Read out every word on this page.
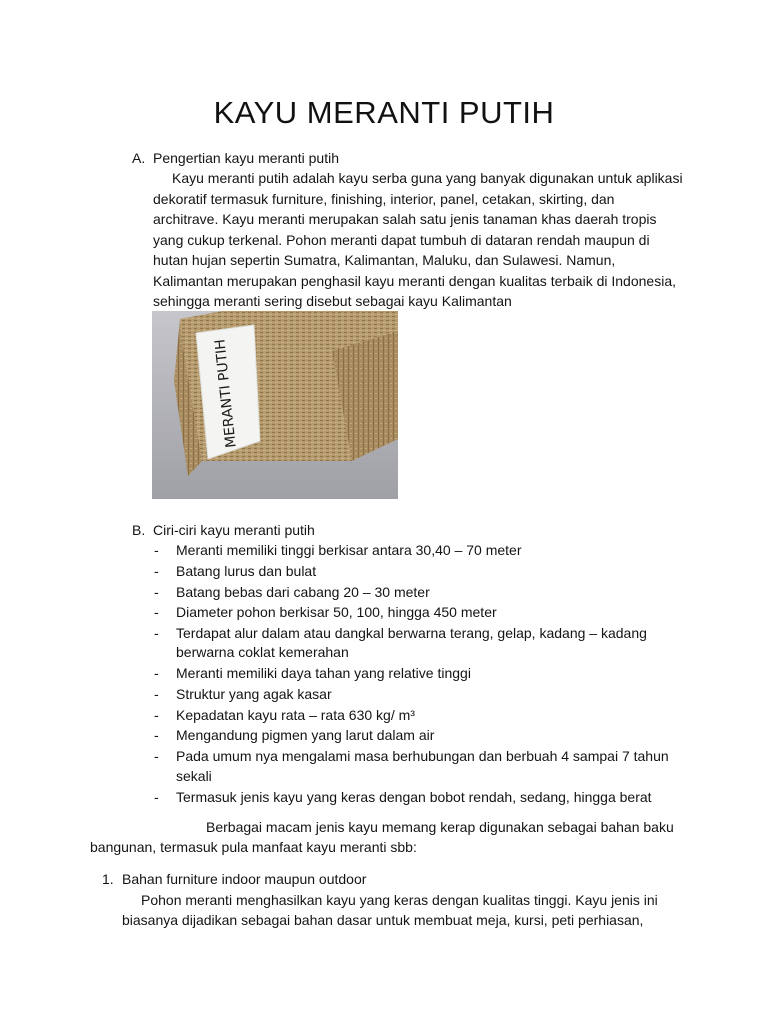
KAYU MERANTI PUTIH
A. Pengertian kayu meranti putih
Kayu meranti putih adalah kayu serba guna yang banyak digunakan untuk aplikasi
dekoratif termasuk furniture, finishing, interior, panel, cetakan, skirting, dan
architrave. Kayu meranti merupakan salah satu jenis tanaman khas daerah tropis
yang cukup terkenal. Pohon meranti dapat tumbuh di dataran rendah maupun di
hutan hujan sepertin Sumatra, Kalimantan, Maluku, dan Sulawesi. Namun,
Kalimantan merupakan penghasil kayu meranti dengan kualitas terbaik di Indonesia,
sehingga meranti sering disebut sebagai kayu Kalimantan
MERANTI PUTIH
B. Ciri-ciri kayu meranti putih
- Meranti memiliki tinggi berkisar antara 30,40 – 70 meter
- Batang lurus dan bulat
- Batang bebas dari cabang 20 – 30 meter
- Diameter pohon berkisar 50, 100, hingga 450 meter
- Terdapat alur dalam atau dangkal berwarna terang, gelap, kadang – kadang
berwarna coklat kemerahan
- Meranti memiliki daya tahan yang relative tinggi
- Struktur yang agak kasar
- Kepadatan kayu rata – rata 630 kg/ m³
- Mengandung pigmen yang larut dalam air
- Pada umum nya mengalami masa berhubungan dan berbuah 4 sampai 7 tahun
sekali
- Termasuk jenis kayu yang keras dengan bobot rendah, sedang, hingga berat
Berbagai macam jenis kayu memang kerap digunakan sebagai bahan baku
bangunan, termasuk pula manfaat kayu meranti sbb:
1. Bahan furniture indoor maupun outdoor
Pohon meranti menghasilkan kayu yang keras dengan kualitas tinggi. Kayu jenis ini
biasanya dijadikan sebagai bahan dasar untuk membuat meja, kursi, peti perhiasan,
